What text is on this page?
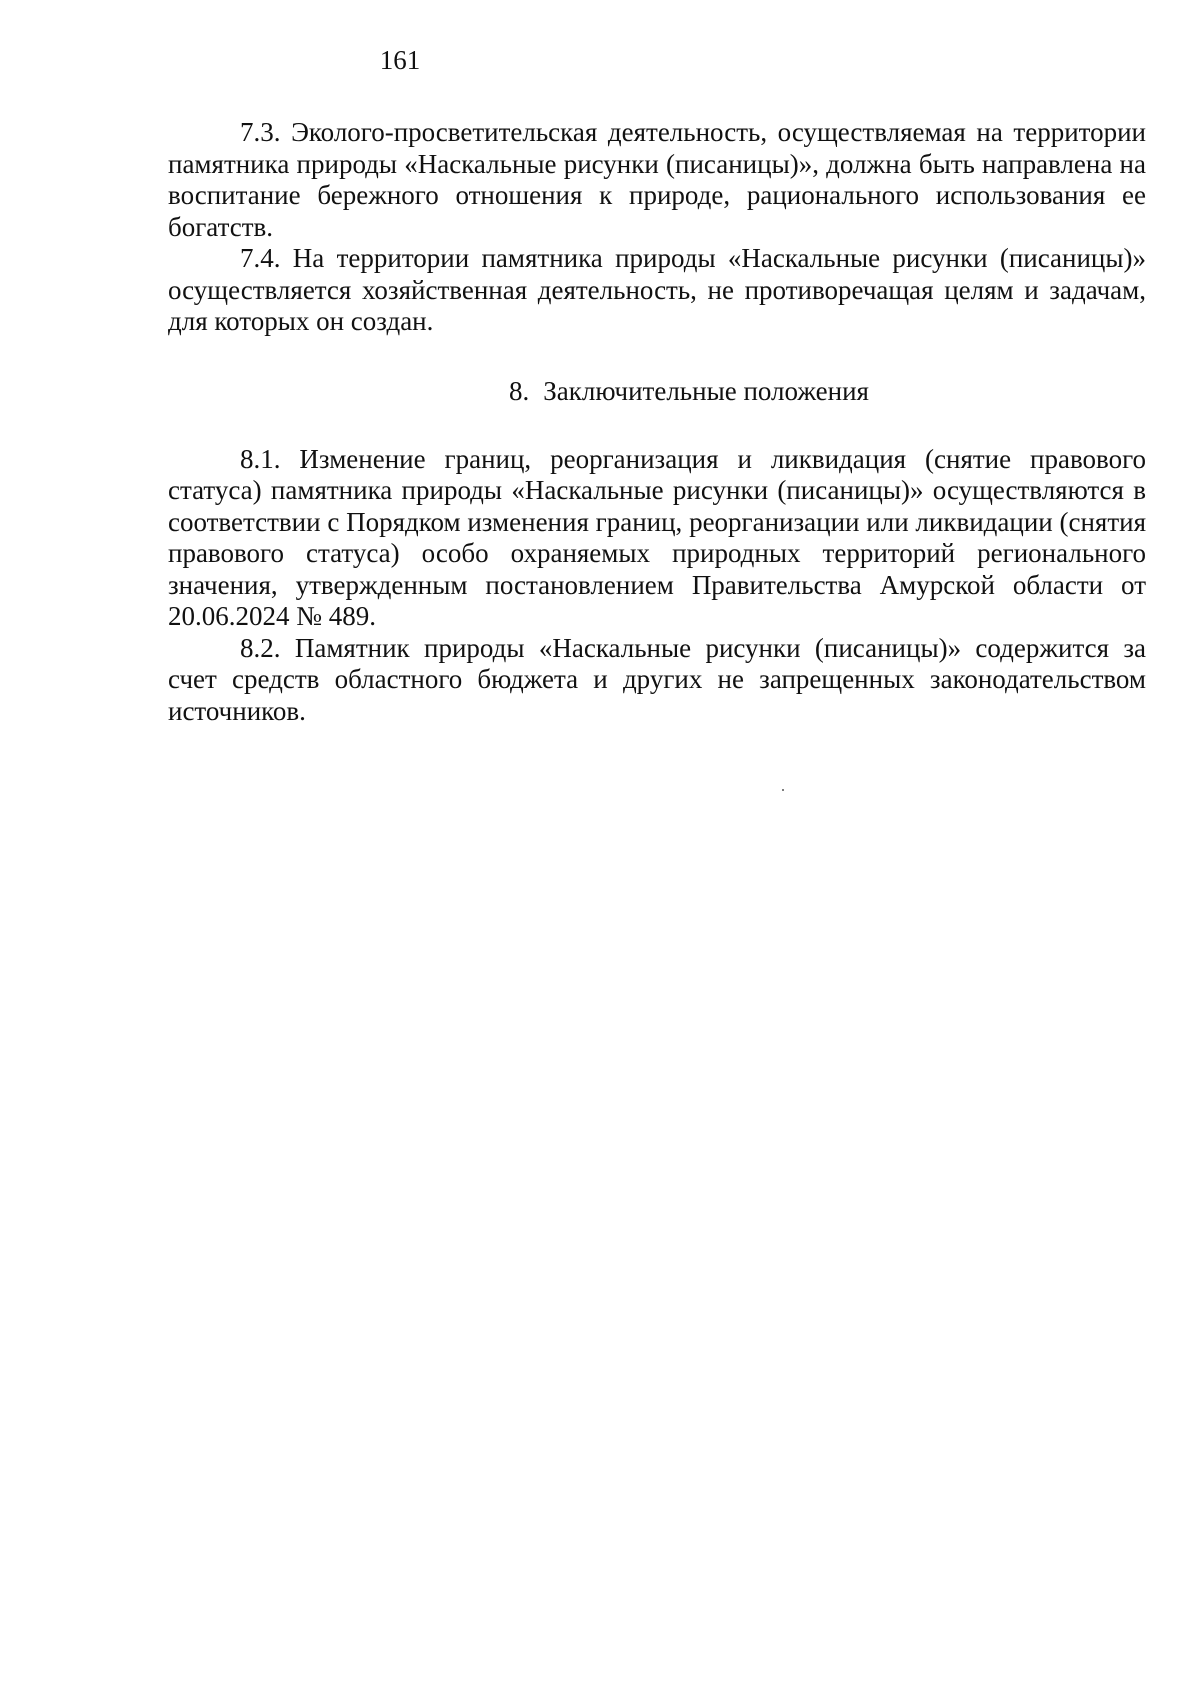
161

7.3. Эколого-просветительская деятельность, осуществляемая на территории памятника природы «Наскальные рисунки (писаницы)», должна быть направлена на воспитание бережного отношения к природе, рационального использования ее богатств.

7.4. На территории памятника природы «Наскальные рисунки (писаницы)» осуществляется хозяйственная деятельность, не противоречащая целям и задачам, для которых он создан.

8. Заключительные положения

8.1. Изменение границ, реорганизация и ликвидация (снятие правового статуса) памятника природы «Наскальные рисунки (писаницы)» осуществляются в соответствии с Порядком изменения границ, реорганизации или ликвидации (снятия правового статуса) особо охраняемых природных территорий регионального значения, утвержденным постановлением Правительства Амурской области от 20.06.2024 № 489.

8.2. Памятник природы «Наскальные рисунки (писаницы)» содержится за счет средств областного бюджета и других не запрещенных законодательством источников.
